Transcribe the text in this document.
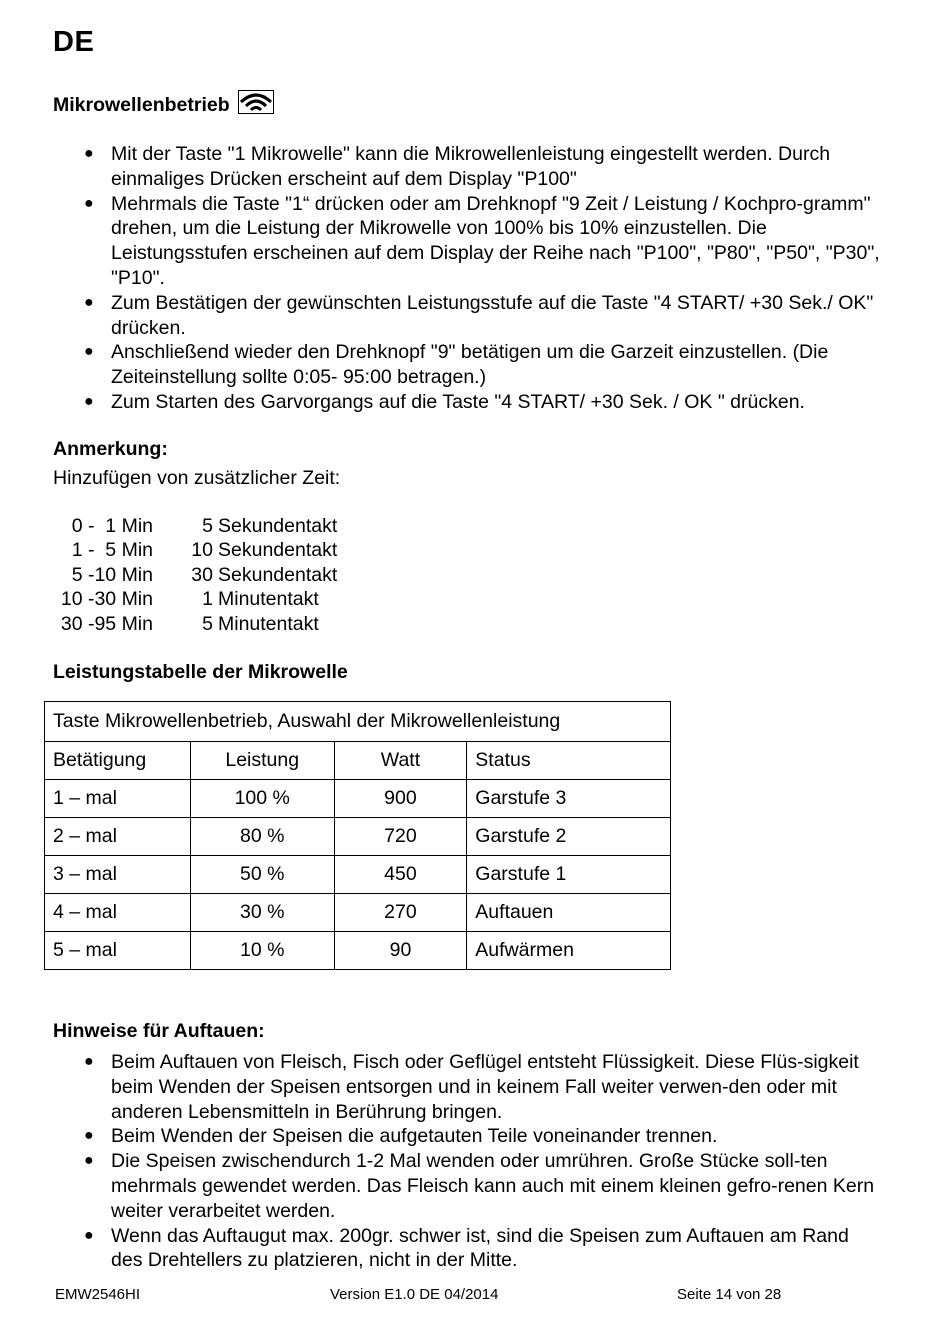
DE
Mikrowellenbetrieb
● Mit der Taste "1 Mikrowelle" kann die Mikrowellenleistung eingestellt werden. Durch einmaliges Drücken erscheint auf dem Display "P100"
● Mehrmals die Taste "1“ drücken oder am Drehknopf "9 Zeit / Leistung / Kochpro-gramm" drehen, um die Leistung der Mikrowelle von 100% bis 10% einzustellen. Die Leistungsstufen erscheinen auf dem Display der Reihe nach "P100", "P80", "P50", "P30", "P10".
● Zum Bestätigen der gewünschten Leistungsstufe auf die Taste "4 START/ +30 Sek./ OK" drücken.
● Anschließend wieder den Drehknopf "9" betätigen um die Garzeit einzustellen. (Die Zeiteinstellung sollte 0:05- 95:00 betragen.)
● Zum Starten des Garvorgangs auf die Taste "4 START/ +30 Sek. / OK " drücken.
Anmerkung:
Hinzufügen von zusätzlicher Zeit:
0 -  1 Min	5 Sekundentakt
1 -  5 Min	10 Sekundentakt
5 -10 Min	30 Sekundentakt
10 -30 Min	1 Minutentakt
30 -95 Min	5 Minutentakt
Leistungstabelle der Mikrowelle
Taste Mikrowellenbetrieb, Auswahl der Mikrowellenleistung			
Betätigung	Leistung	Watt	Status
1 – mal	100 %	900	Garstufe 3
2 – mal	80 %	720	Garstufe 2
3 – mal	50 %	450	Garstufe 1
4 – mal	30 %	270	Auftauen
5 – mal	10 %	90	Aufwärmen
Hinweise für Auftauen:
● Beim Auftauen von Fleisch, Fisch oder Geflügel entsteht Flüssigkeit. Diese Flüs-sigkeit beim Wenden der Speisen entsorgen und in keinem Fall weiter verwen-den oder mit anderen Lebensmitteln in Berührung bringen.
● Beim Wenden der Speisen die aufgetauten Teile voneinander trennen.
● Die Speisen zwischendurch 1-2 Mal wenden oder umrühren. Große Stücke soll-ten mehrmals gewendet werden. Das Fleisch kann auch mit einem kleinen gefro-renen Kern weiter verarbeitet werden.
● Wenn das Auftaugut max. 200gr. schwer ist, sind die Speisen zum Auftauen am Rand des Drehtellers zu platzieren, nicht in der Mitte.
EMW2546HI	Version E1.0 DE 04/2014	Seite 14 von 28
